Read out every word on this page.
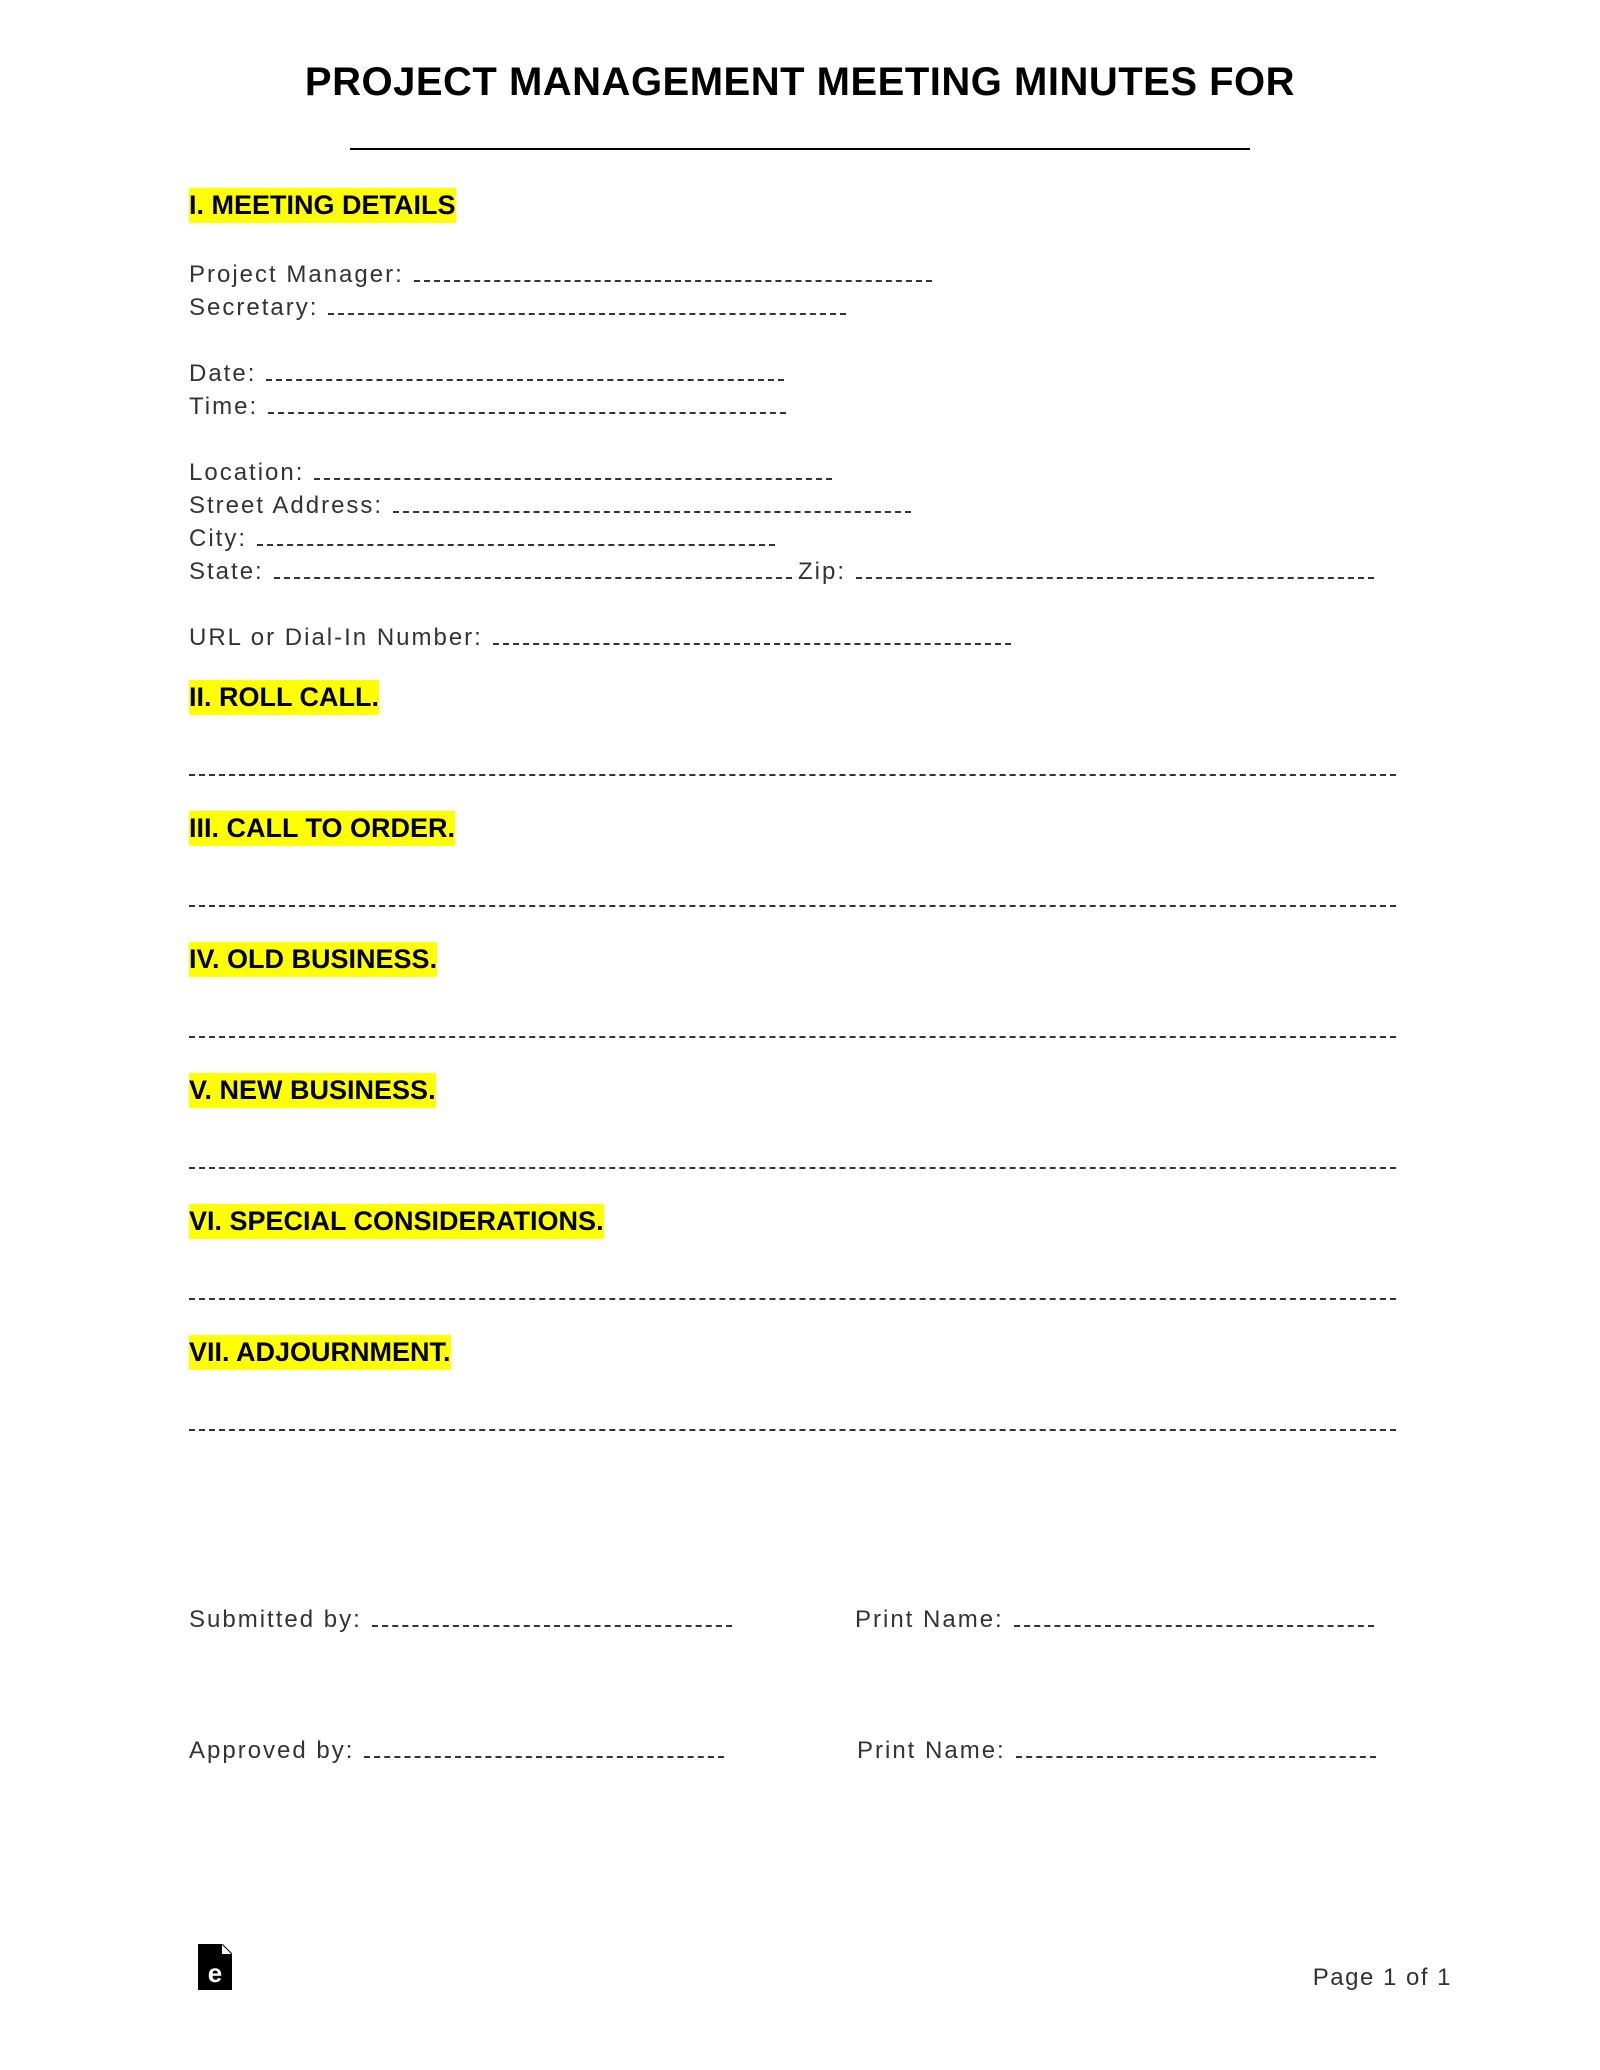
PROJECT MANAGEMENT MEETING MINUTES FOR
I. MEETING DETAILS
Project Manager:
Secretary:
Date:
Time:
Location:
Street Address:
City:
State:	Zip:
URL or Dial-In Number:
II. ROLL CALL.
III. CALL TO ORDER.
IV. OLD BUSINESS.
V. NEW BUSINESS.
VI. SPECIAL CONSIDERATIONS.
VII. ADJOURNMENT.
Submitted by:	Print Name:
Approved by:	Print Name:
e	Page 1 of 1
